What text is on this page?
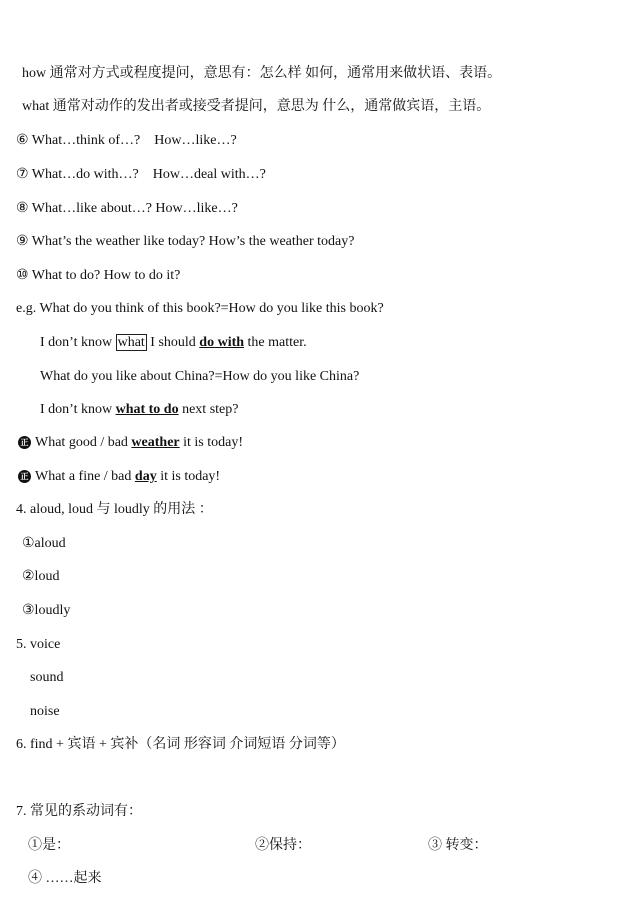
how 通常对方式或程度提问，意思有：怎么样 如何，通常用来做状语、表语。
what 通常对动作的发出者或接受者提问，意思为 什么，通常做宾语，主语。
⑥ What…think of…?　How…like…?
⑦ What…do with…?　How…deal with…?
⑧ What…like about…? How…like…?
⑨ What’s the weather like today? How’s the weather today?
⑩ What to do? How to do it?
e.g. What do you think of this book?=How do you like this book?
I don’t know what I should do with the matter.
What do you like about China?=How do you like China?
I don’t know what to do next step?
正 What good / bad weather it is today!
正 What a fine / bad day it is today!
4. aloud, loud 与 loudly 的用法 ：
①aloud
②loud
③loudly
5. voice
sound
noise
6. find + 宾语 + 宾补（名词 形容词 介词短语 分词等）
7. 常见的系动词有：
①是：	②保持：	③ 转变：
④ ……起来
